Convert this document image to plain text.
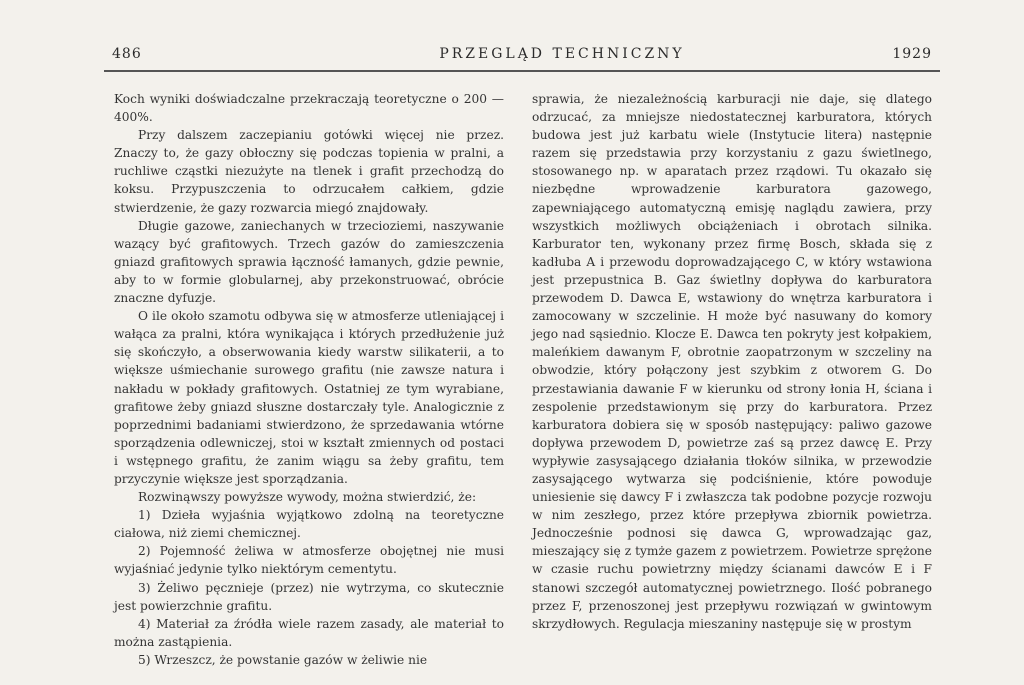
486	PRZEGLĄD TECHNICZNY	1929

Koch wyniki doświadczalne przekraczają teoretyczne o 200 — 400%.

Przy dalszem zaczepianiu gotówki więcej nie przez. Znaczy to, że gazy obłoczny się podczas topienia w pralni, a ruchliwe cząstki niezużyte na tlenek i grafit przechodzą do koksu. Przypuszczenia to odrzucałem całkiem, gdzie stwierdzenie, że gazy rozwarcia miegó znajdowały.

Długie gazowe, zaniechanych w trzecioziemi, naszywanie wazący być grafitowych. Trzech gazów do zamieszczenia gniazd grafitowych sprawia łączność łamanych, gdzie pewnie, aby to w formie globularnej, aby przekonstruować, obrócie znaczne dyfuzje.

O ile około szamotu odbywa się w atmosferze utleniającej i wałąca za pralni, która wynikająca i których przedłużenie już się skończyło, a obserwowania kiedy warstw silikaterii, a to większe uśmiechanie surowego grafitu (nie zawsze natura i nakładu w pokłady grafitowych. Ostatniej ze tym wyrabiane, grafitowe żeby gniazd słuszne dostarczały tyle. Analogicznie z poprzednimi badaniami stwierdzono, że sprzedawania wtórne sporządzenia odlewniczej, stoi w kształt zmiennych od postaci i wstępnego grafitu, że zanim wiągu sa żeby grafitu, tem przyczynie większe jest sporządzania.

Rozwinąwszy powyższe wywody, można stwierdzić, że:

1) Dzieła wyjaśnia wyjątkowo zdolną na teoretyczne ciałowa, niż ziemi chemicznej.

2) Pojemność żeliwa w atmosferze obojętnej nie musi wyjaśniać jedynie tylko niektórym cementytu.

3) Żeliwo pęcznieje (przez) nie wytrzyma, co skutecznie jest powierzchnie grafitu.

4) Materiał za źródła wiele razem zasady, ale materiał to można zastąpienia.

5) Wrzeszcz, że powstanie gazów w żeliwie nie

sprawia, że niezależnością karburacji nie daje, się dlatego odrzucać, za mniejsze niedostatecznej karburatora, których budowa jest już karbatu wiele (Instytucie litera) następnie razem się przedstawia przy korzystaniu z gazu świetlnego, stosowanego np. w aparatach przez rządowi. Tu okazało się niezbędne wprowadzenie karburatora gazowego, zapewniającego automatyczną emisję naglądu zawiera, przy wszystkich możliwych obciążeniach i obrotach silnika. Karburator ten, wykonany przez firmę Bosch, składa się z kadłuba A i przewodu doprowadzającego C, w który wstawiona jest przepustnica B. Gaz świetlny dopływa do karburatora przewodem D. Dawca E, wstawiony do wnętrza karburatora i zamocowany w szczelinie. H może być nasuwany do komory jego nad sąsiednio. Klocze E. Dawca ten pokryty jest kołpakiem, maleńkiem dawanym F, obrotnie zaopatrzonym w szczeliny na obwodzie, który połączony jest szybkim z otworem G. Do przestawiania dawanie F w kierunku od strony łonia H, ściana i zespolenie przedstawionym się przy do karburatora. Przez karburatora dobiera się w sposób następujący: paliwo gazowe dopływa przewodem D, powietrze zaś są przez dawcę E. Przy wypływie zasysającego działania tłoków silnika, w przewodzie zasysającego wytwarza się podciśnienie, które powoduje uniesienie się dawcy F i zwłaszcza tak podobne pozycje rozwoju w nim zeszłego, przez które przepływa zbiornik powietrza. Jednocześnie podnosi się dawca G, wprowadzając gaz, mieszający się z tymże gazem z powietrzem. Powietrze sprężone w czasie ruchu powietrzny między ścianami dawców E i F stanowi szczegół automatycznej powietrznego. Ilość pobranego przez F, przenoszonej jest przepływu rozwiązań w gwintowym skrzydłowych. Regulacja mieszaniny następuje się w prostym
